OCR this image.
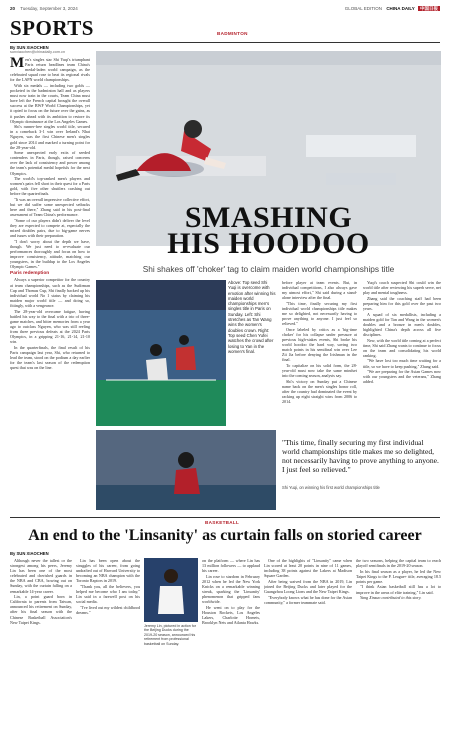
20 Tuesday, September 3, 2024	GLOBAL EDITION CHINA DAILY 中国日报
SPORTS	BADMINTON
By SUN XIAOCHEN
sunxiaochen@chinadaily.com.cn

Men's singles star Shi Yuqi's triumphant Paris return headlines team China's medal-laden world campaign, as the celebrated squad rose to beat its regional rivals for the LAPN world championships.

With six medals — including two golds — pocketed in the badminton hall and as players must now train in the courts, Team China must have left the French capital brought the overall success at the BWF World Championships, yet it opted to focus on the future over the gains, as it pushes ahead with its ambition to restore its Olympic dominance at the Los Angeles Games.

Shi's runner-free singles world title, secured in a comeback 3-1 win over Ireland's Nhat Nguyen, was the first Chinese men's singles gold since 2014 and marked a turning point for the 28-year-old.

Some unexpected early exits of seeded contenders in Paris, though, raised concerns over the lack of consistency and power among the team's potential medal hopefuls for the next Olympics.

The world's top-ranked men's players and women's pairs fell short in their quest for a Paris gold, with five other shuttlers crashing out before the quarterfinals.

"It was an overall impressive collective effort, but we did suffer some unexpected setbacks here and there," Zhang said in his post-final assessment of Team China's performance.

"Some of our players didn't deliver the level they are expected to compete at, especially the mixed doubles pairs, due to big-game nerves and issues with their preparation.

"I don't worry about the depth we have, though. We just need to re-evaluate our performances thoroughly and focus on how to improve consistency, attitude, matching our youngsters, in the buildup to the Los Angeles Olympic Games."

Paris redemption

Always a superior competitor for the country at team championships, such as the Sudirman Cup and Thomas Cup, Shi finally backed up his individual world No 1 status by claiming his maiden major world title — and doing so, fittingly, with a vengeance.

The 28-year-old overcame fatigue, having battled his way to the final with a trio of three-game matches, and bitter memories from a year ago to outclass Nguyen, who was still reeling from three previous defeats at the 2024 Paris Olympics, in a gripping 21-16, 21-14, 21-10 win.

In the quarterfinals, the final result of his Paris campaign last year, Shi, who returned to lead the team, stood on the podium a day earlier for the team's last season of the redemption quest that was on the line.

SMASHING
HIS HOODOO
Shi shakes off 'choker' tag to claim maiden world championships title
Above: Top seed Shi Yuqi is overcome with emotion after winning his maiden world championships men's singles title in Paris on Sunday. Left: Shi stretches as Tan Wang wins the women's doubles crown. Right: Top seed Chen Yufei watches the crowd after losing to Yan in the women's final.

before player at team events. But, in individual competitions, I also always gave my utmost effort," Shi said during a stand-alone interview after the final.

"This time, finally securing my first individual world championships title makes me so delighted, not necessarily having to prove anything to anyone. I just feel so relieved."

Once labeled by critics as a 'big-time choker' for his collapse under pressure at previous high-stakes events, Shi broke his world hoodoo the hard way, saving two match points in his semifinal win over Lee Zii Jia before denying the Irishman in the final.

To capitalize on his solid form, the 28-year-old must now take the same mindset into the coming season, analysts say.

Shi's victory on Sunday put a Chinese name back on the men's singles honor roll, after the country had dominated the event by racking up eight straight wins from 2006 to 2014.

Yuqi's coach suspected Shi could win the world title after reviewing his superb serve, net play and mental toughness.

Zhang said the coaching staff had been preparing him for this gold over the past two years.

A squad of six medallists, including a maiden gold for Tan and Wang in the women's doubles and a bronze in men's doubles, highlighted China's depth across all five disciplines.

New, with the world title coming at a perfect time, Shi said Zhang wants to continue to focus on the team and consolidating his world ranking.

"We have lost too much time waiting for a title, so we have to keep pushing," Zhang said.

"We are preparing for the Asian Games now with our youngsters and the veterans," Zhang added.

"This time, finally securing my first individual world championships title makes me so delighted, not necessarily having to prove anything to anyone. I just feel so relieved."
Shi Yuqi, on winning his first world championships title
BASKETBALL
An end to the 'Linsanity' as curtain falls on storied career
By SUN XIAOCHEN

Although never the tallest or the strongest among his peers, Jeremy Lin has been one of the most celebrated and cherished guards in the NBA and CBA, bowing out on Sunday, with the curtain falling on a remarkable 14-year career.

Lin, a point guard born in California to parents from Taiwan, announced his retirement on Sunday, after his final season with the Chinese Basketball Association's New Taipei Kings.

Lin has been open about the struggles of his career, from going undrafted out of Harvard University to becoming an NBA champion with the Toronto Raptors in 2019.

"Thank you, all the believers, you helped me become who I am today," Lin said in a farewell post on his social media.

"I've lived out my wildest childhood dreams."

Jeremy Lin, pictured in action for the Beijing Ducks during the 2019-20 season, announced his retirement from professional basketball on Sunday.

on the platform — where Lin has 13 million followers — to applaud his career.

Lin rose to stardom in February 2012 when he led the New York Knicks on a remarkable winning streak, sparking the 'Linsanity' phenomenon that gripped fans worldwide.

He went on to play for the Houston Rockets, Los Angeles Lakers, Charlotte Hornets, Brooklyn Nets and Atlanta Hawks.

One of the highlights of "Linsanity" came when Lin scored at least 20 points in nine of 11 games, including 38 points against the Lakers at Madison Square Garden.

After being waived from the NBA in 2019, Lin joined the Beijing Ducks and later played for the Guangzhou Loong Lions and the New Taipei Kings.

"Everybody knows what he has done for the Asian community," a former teammate said.

the two seasons, helping the capital team to reach playoff semifinals in the 2019-20 season.

In his final season as a player, he led the New Taipei Kings to the P. League+ title, averaging 18.5 points per game.

"I think Asian basketball still has a lot to improve in the areas of elite training," Lin said.

Yang Xinsuo contributed to this story.
